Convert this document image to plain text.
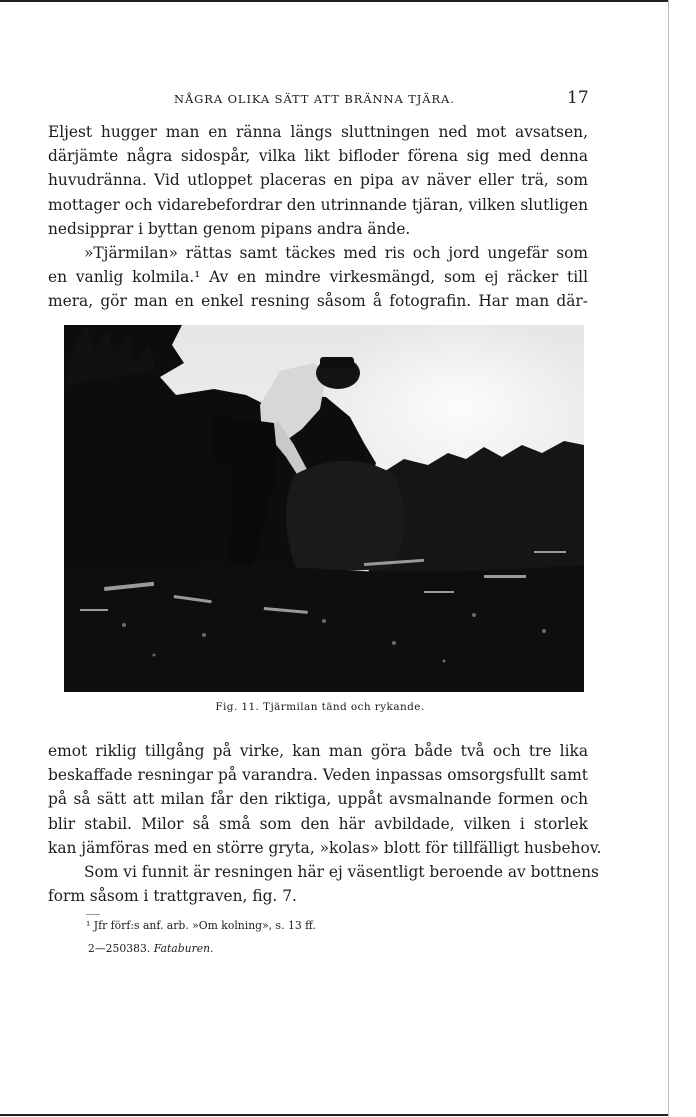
NÅGRA OLIKA SÄTT ATT BRÄNNA TJÄRA.	17

Eljest hugger man en ränna längs sluttningen ned mot avsatsen,
därjämte några sidospår, vilka likt bifloder förena sig med denna
huvudränna. Vid utloppet placeras en pipa av näver eller trä, som
mottager och vidarebefordrar den utrinnande tjäran, vilken slutligen
nedsipprar i byttan genom pipans andra ände.

»Tjärmilan» rättas samt täckes med ris och jord ungefär som
en vanlig kolmila.¹ Av en mindre virkesmängd, som ej räcker till
mera, gör man en enkel resning såsom å fotografin. Har man där-

Fig. 11. Tjärmilan tänd och rykande.

emot riklig tillgång på virke, kan man göra både två och tre lika
beskaffade resningar på varandra. Veden inpassas omsorgsfullt samt
på så sätt att milan får den riktiga, uppåt avsmalnande formen och
blir stabil. Milor så små som den här avbildade, vilken i storlek
kan jämföras med en större gryta, »kolas» blott för tillfälligt husbehov.

Som vi funnit är resningen här ej väsentligt beroende av bottnens
form såsom i trattgraven, fig. 7.

¹ Jfr förf:s anf. arb. »Om kolning», s. 13 ff.
2—250383. Fataburen.
